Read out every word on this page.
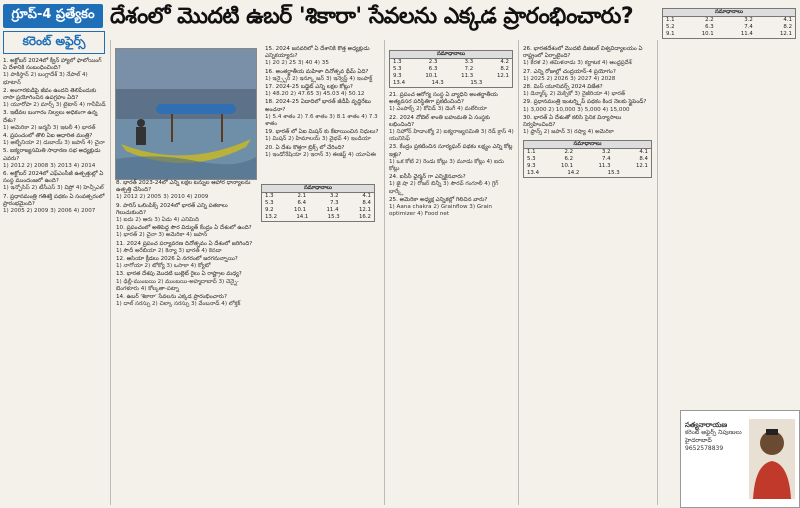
గ్రూప్-4 ప్రత్యేకం
కరెంట్ అఫైర్స్
1. అక్టోబర్ 2024లో క్వీన్ హ్యాలో ఫాలోయింగ్ ఏ దేశానికి సంబంధించింది?
1) పాకిస్థాన్ 2) బంగ్లాదేశ్ 3) నేపాల్ 4) భూటాన్
2. అంగారకుడిపై జీవం ఉందని తెలిపేందుకు నాసా ప్రయోగించిన ఉపగ్రహం ఏది?
1) యూరోపా 2) మార్స్ 3) టైటాన్ 4) గానీమీడ్
3. ఇటీవల బంగారం నిల్వలు అధికంగా ఉన్న దేశం?
1) అమెరికా 2) జర్మనీ 3) ఇటలీ 4) భారత్
4. ప్రపంచంలో తొలి ఏఐ ఆధారిత మంత్రి?
1) అల్బేనియా 2) దుబాయ్ 3) జపాన్ 4) చైనా
5. ఐక్యరాజ్యసమితి సాధారణ సభ అధ్యక్షుడు ఎవరు?
1) 2012 2) 2008 3) 2013 4) 2014
6. అక్టోబర్ 2024లో ఎఫ్ఎంసీజీ ఉత్పత్తుల్లో ఏ సంస్థ ముందంజలో ఉంది?
1) ఇన్ఫోసిస్ 2) టీసీఎస్ 3) విప్రో 4) హెచ్సీఎల్
7. ప్రధానమంత్రి గతిశక్తి పథకం ఏ సంవత్సరంలో ప్రారంభమైంది?
1) 2005 2) 2009 3) 2006 4) 2007
దేశంలో మొదటి ఉబర్ 'శికారా' సేవలను ఎక్కడ ప్రారంభించారు?
8. భారత్ 2023-24లో ఎన్ని లక్షల టన్నుల ఆహార ధాన్యాలను ఉత్పత్తి చేసింది?
1) 2012 2) 2005 3) 2010 4) 2009
9. పారిస్ ఒలింపిక్స్ 2024లో భారత్ ఎన్ని పతకాలు గెలుచుకుంది?
1) ఐదు 2) ఆరు 3) ఏడు 4) ఎనిమిది
10. ప్రపంచంలో అతిపెద్ద సౌర విద్యుత్ కేంద్రం ఏ దేశంలో ఉంది?
1) భారత్ 2) చైనా 3) అమెరికా 4) జపాన్
11. 2024 ప్రపంచ పర్యావరణ దినోత్సవం ఏ దేశంలో జరిగింది?
1) సౌదీ అరేబియా 2) కెన్యా 3) భారత్ 4) కెనడా
12. ఆసియా క్రీడలు 2026 ఏ నగరంలో జరగనున్నాయి?
1) నాగోయా 2) టోక్యో 3) ఒసాకా 4) క్యోటో
13. భారత దేశపు మొదటి బుల్లెట్ రైలు ఏ రాష్ట్రాల మధ్య?
1) ఢిల్లీ-ముంబయి 2) ముంబయి-అహ్మదాబాద్ 3) చెన్నై-బెంగళూరు 4) కోల్కతా-పట్నా
14. ఉబర్ 'శికారా' సేవలను ఎక్కడ ప్రారంభించారు?
1) దాల్ సరస్సు 2) చిల్కా సరస్సు 3) వేంబనాడ్ 4) లోక్తక్
సమాధానాలు
1.3	2.1	3.2	4.1
5.3	6.4	7.3	8.4
9.2	10.1	11.4	12.1
13.2	14.1	15.3	16.2
15. 2024 జనవరిలో ఏ దేశానికి కొత్త అధ్యక్షుడు ఎన్నికయ్యారు?
1) 20 2) 25 3) 40 4) 35
16. అంతర్జాతీయ మహిళా దినోత్సవ థీమ్ ఏది?
1) ఇన్స్పైర్ 2) ఇన్క్లూజన్ 3) ఇన్వెస్ట్ 4) ఇంపాక్ట్
17. 2024-25 బడ్జెట్ ఎన్ని లక్షల కోట్లు?
1) 48.20 2) 47.65 3) 45.03 4) 50.12
18. 2024-25 ఏడాదిలో భారత్ జీడీపీ వృద్ధిరేటు అంచనా?
1) 5.4 శాతం 2) 7.6 శాతం 3) 8.1 శాతం 4) 7.3 శాతం
19. భారత్ లో ఏఐ మిషన్ కు కేటాయించిన నిధులు?
1) మిషన్ 2) హిమాలయ్ 3) వైభవ్ 4) ఇండియా
20. ఏ దేశం కొత్తగా బ్రిక్స్ లో చేరింది?
1) ఇండోనేషియా 2) ఇరాన్ 3) ఈజిప్ట్ 4) యూఏఈ
సమాధానాలు
1.3	2.3	3.3	4.2
5.3	6.3	7.2	8.2
9.3	10.1	11.3	12.1
13.4	14.3	15.3
21. ప్రపంచ ఆరోగ్య సంస్థ ఏ వ్యాధిని అంతర్జాతీయ అత్యవసర పరిస్థితిగా ప్రకటించింది?
1) ఎంపాక్స్ 2) కోవిడ్ 3) డెంగీ 4) మలేరియా
22. 2024 నోబెల్ శాంతి బహుమతి ఏ సంస్థకు లభించింది?
1) నిహోన్ హిడాంక్యో 2) ఐక్యరాజ్యసమితి 3) రెడ్ క్రాస్ 4) యునిసెఫ్
23. కేంద్రం ప్రకటించిన సూర్యఘర్ పథకం లక్ష్యం ఎన్ని కోట్ల ఇళ్లు?
1) ఒక కోటి 2) రెండు కోట్లు 3) మూడు కోట్లు 4) ఐదు కోట్లు
24. ఐసీసీ ఛైర్మన్ గా ఎన్నికైనవారు?
1) జై షా 2) రోజర్ బిన్నీ 3) సౌరవ్ గంగూలీ 4) గ్రెగ్ బార్క్లే
25. అమెరికా అధ్యక్ష ఎన్నికల్లో గెలిచిన వారు?
1) Aana chakra 2) Grainflow 3) Grain optimizer 4) Food net
26. భారతదేశంలో మొదటి డిజిటల్ విశ్వవిద్యాలయం ఏ రాష్ట్రంలో ఏర్పాటైంది?
1) కేరళ 2) తమిళనాడు 3) కర్ణాటక 4) ఆంధ్రప్రదేశ్
27. ఎన్ని రోజుల్లో చంద్రయాన్-4 ప్రయోగం?
1) 2025 2) 2026 3) 2027 4) 2028
28. మిస్ యూనివర్స్ 2024 విజేత?
1) డెన్మార్క్ 2) మెక్సికో 3) నైజీరియా 4) భారత్
29. ప్రధానమంత్రి ఇంటర్న్షిప్ పథకం కింద నెలకు స్టైపెండ్?
1) 3,000 2) 10,000 3) 5,000 4) 15,000
30. భారత్ ఏ దేశంతో కలిసి సైనిక విన్యాసాలు నిర్వహించింది?
1) ఫ్రాన్స్ 2) జపాన్ 3) రష్యా 4) అమెరికా
సమాధానాలు
1.1	2.2	3.2	4.1
5.3	6.2	7.4	8.4
9.3	10.1	11.3	12.1
13.4	14.2	15.3
సమాధానాలు
1.1	2.2	3.2	4.1
5.2	6.3	7.4	8.2
9.1	10.1	11.4	12.1
సత్యనారాయణ
కరెంట్ అఫైర్స్ నిపుణులు
హైదరాబాద్
9652578839
